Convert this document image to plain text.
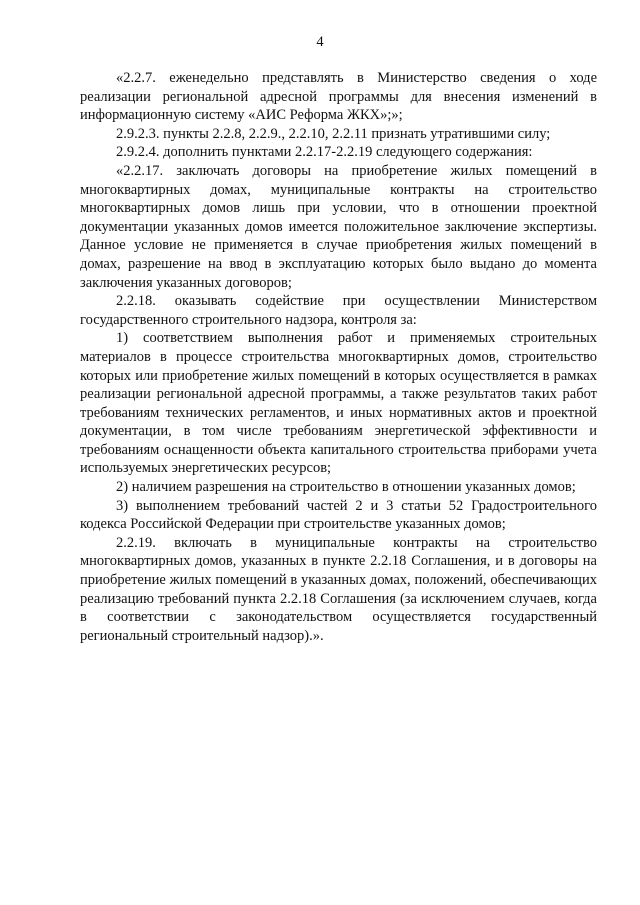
4

«2.2.7. еженедельно представлять в Министерство сведения о ходе реализации региональной адресной программы для внесения изменений в информационную систему «АИС Реформа ЖКХ»;»;

2.9.2.3. пункты 2.2.8, 2.2.9., 2.2.10, 2.2.11 признать утратившими силу;

2.9.2.4. дополнить пунктами 2.2.17-2.2.19 следующего содержания:

«2.2.17. заключать договоры на приобретение жилых помещений в многоквартирных домах, муниципальные контракты на строительство многоквартирных домов лишь при условии, что в отношении проектной документации указанных домов имеется положительное заключение экспертизы. Данное условие не применяется в случае приобретения жилых помещений в домах, разрешение на ввод в эксплуатацию которых было выдано до момента заключения указанных договоров;

2.2.18. оказывать содействие при осуществлении Министерством государственного строительного надзора, контроля за:

1) соответствием выполнения работ и применяемых строительных материалов в процессе строительства многоквартирных домов, строительство которых или приобретение жилых помещений в которых осуществляется в рамках реализации региональной адресной программы, а также результатов таких работ требованиям технических регламентов, и иных нормативных актов и проектной документации, в том числе требованиям энергетической эффективности и требованиям оснащенности объекта капитального строительства приборами учета используемых энергетических ресурсов;

2) наличием разрешения на строительство в отношении указанных домов;

3) выполнением требований частей 2 и 3 статьи 52 Градостроительного кодекса Российской Федерации при строительстве указанных домов;

2.2.19. включать в муниципальные контракты на строительство многоквартирных домов, указанных в пункте 2.2.18 Соглашения, и в договоры на приобретение жилых помещений в указанных домах, положений, обеспечивающих реализацию требований пункта 2.2.18 Соглашения (за исключением случаев, когда в соответствии с законодательством осуществляется государственный региональный строительный надзор).».
